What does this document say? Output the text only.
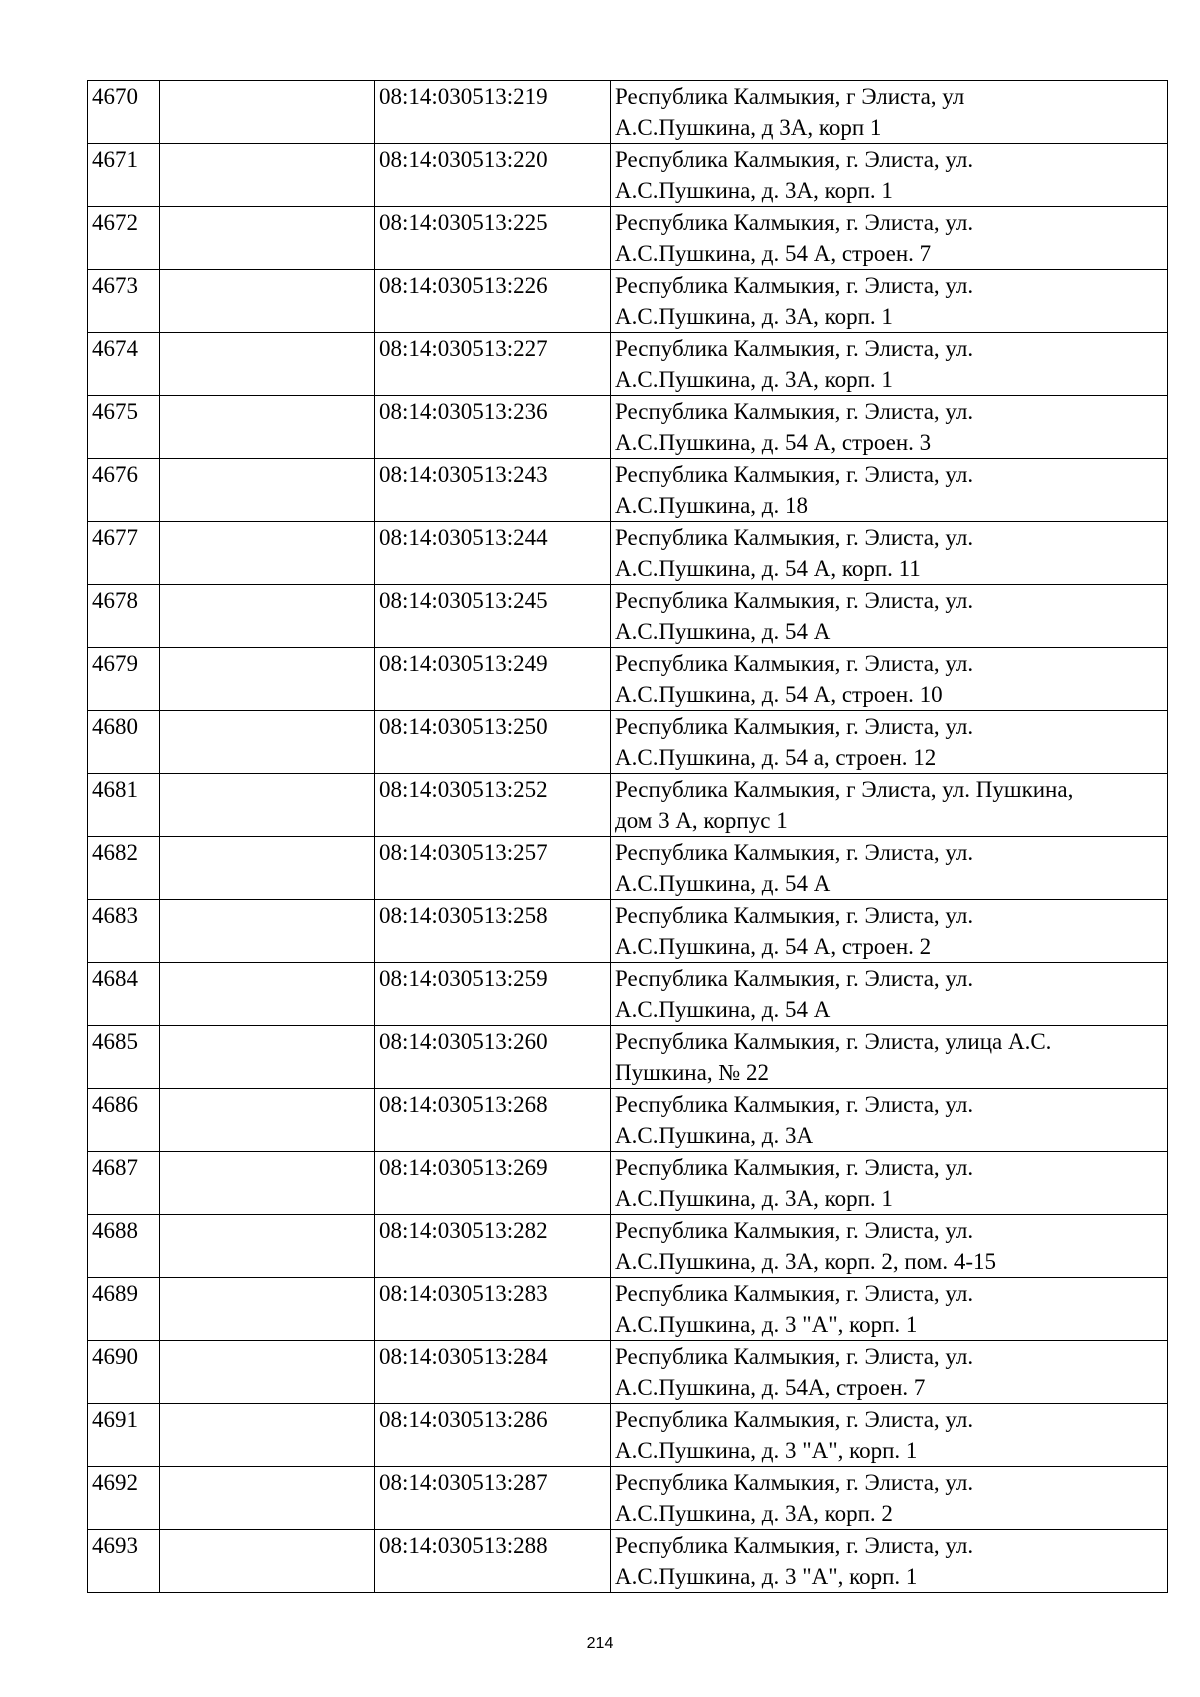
4670		08:14:030513:219	Республика Калмыкия, г Элиста, ул
А.С.Пушкина, д 3А, корп 1

4671		08:14:030513:220	Республика Калмыкия, г. Элиста, ул.
А.С.Пушкина, д. 3А, корп. 1

4672		08:14:030513:225	Республика Калмыкия, г. Элиста, ул.
А.С.Пушкина, д. 54 А, строен. 7

4673		08:14:030513:226	Республика Калмыкия, г. Элиста, ул.
А.С.Пушкина, д. 3А, корп. 1

4674		08:14:030513:227	Республика Калмыкия, г. Элиста, ул.
А.С.Пушкина, д. 3А, корп. 1

4675		08:14:030513:236	Республика Калмыкия, г. Элиста, ул.
А.С.Пушкина, д. 54 А, строен. 3

4676		08:14:030513:243	Республика Калмыкия, г. Элиста, ул.
А.С.Пушкина, д. 18

4677		08:14:030513:244	Республика Калмыкия, г. Элиста, ул.
А.С.Пушкина, д. 54 А, корп. 11

4678		08:14:030513:245	Республика Калмыкия, г. Элиста, ул.
А.С.Пушкина, д. 54 А

4679		08:14:030513:249	Республика Калмыкия, г. Элиста, ул.
А.С.Пушкина, д. 54 А, строен. 10

4680		08:14:030513:250	Республика Калмыкия, г. Элиста, ул.
А.С.Пушкина, д. 54 а, строен. 12

4681		08:14:030513:252	Республика Калмыкия, г Элиста, ул. Пушкина,
дом 3 А, корпус 1

4682		08:14:030513:257	Республика Калмыкия, г. Элиста, ул.
А.С.Пушкина, д. 54 А

4683		08:14:030513:258	Республика Калмыкия, г. Элиста, ул.
А.С.Пушкина, д. 54 А, строен. 2

4684		08:14:030513:259	Республика Калмыкия, г. Элиста, ул.
А.С.Пушкина, д. 54 А

4685		08:14:030513:260	Республика Калмыкия, г. Элиста, улица А.С.
Пушкина, № 22

4686		08:14:030513:268	Республика Калмыкия, г. Элиста, ул.
А.С.Пушкина, д. 3А

4687		08:14:030513:269	Республика Калмыкия, г. Элиста, ул.
А.С.Пушкина, д. 3А, корп. 1

4688		08:14:030513:282	Республика Калмыкия, г. Элиста, ул.
А.С.Пушкина, д. 3А, корп. 2, пом. 4-15

4689		08:14:030513:283	Республика Калмыкия, г. Элиста, ул.
А.С.Пушкина, д. 3 "А", корп. 1

4690		08:14:030513:284	Республика Калмыкия, г. Элиста, ул.
А.С.Пушкина, д. 54А, строен. 7

4691		08:14:030513:286	Республика Калмыкия, г. Элиста, ул.
А.С.Пушкина, д. 3 "А", корп. 1

4692		08:14:030513:287	Республика Калмыкия, г. Элиста, ул.
А.С.Пушкина, д. 3А, корп. 2

4693		08:14:030513:288	Республика Калмыкия, г. Элиста, ул.
А.С.Пушкина, д. 3 "А", корп. 1
214
